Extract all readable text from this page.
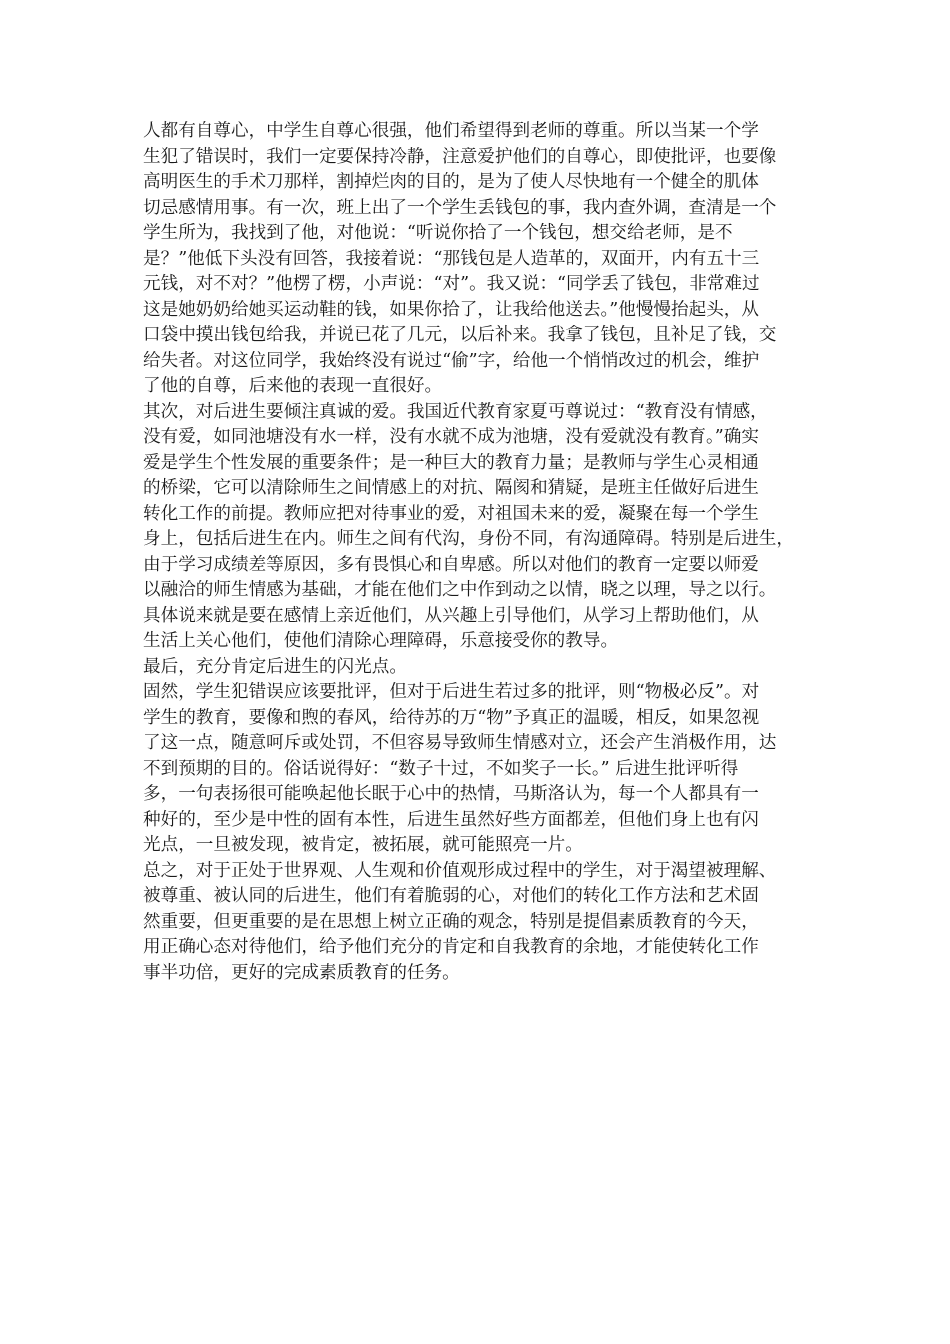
人都有自尊心，中学生自尊心很强，他们希望得到老师的尊重。所以当某一个学
生犯了错误时，我们一定要保持冷静，注意爱护他们的自尊心，即使批评，也要像
高明医生的手术刀那样，割掉烂肉的目的，是为了使人尽快地有一个健全的肌体
切忌感情用事。有一次，班上出了一个学生丢钱包的事，我内查外调，查清是一个
学生所为，我找到了他，对他说：“听说你拾了一个钱包，想交给老师，是不
是？”他低下头没有回答，我接着说：“那钱包是人造革的，双面开，内有五十三
元钱，对不对？”他楞了楞，小声说：“对”。我又说：“同学丢了钱包，非常难过
这是她奶奶给她买运动鞋的钱，如果你拾了，让我给他送去。”他慢慢抬起头，从
口袋中摸出钱包给我，并说已花了几元，以后补来。我拿了钱包，且补足了钱，交
给失者。对这位同学，我始终没有说过“偷”字，给他一个悄悄改过的机会，维护
了他的自尊，后来他的表现一直很好。
其次，对后进生要倾注真诚的爱。我国近代教育家夏丏尊说过：“教育没有情感，
没有爱，如同池塘没有水一样，没有水就不成为池塘，没有爱就没有教育。”确实
爱是学生个性发展的重要条件；是一种巨大的教育力量；是教师与学生心灵相通
的桥梁，它可以清除师生之间情感上的对抗、隔阂和猜疑，是班主任做好后进生
转化工作的前提。教师应把对待事业的爱，对祖国未来的爱，凝聚在每一个学生
身上，包括后进生在内。师生之间有代沟，身份不同，有沟通障碍。特别是后进生，
由于学习成绩差等原因，多有畏惧心和自卑感。所以对他们的教育一定要以师爱
以融洽的师生情感为基础，才能在他们之中作到动之以情，晓之以理，导之以行。
具体说来就是要在感情上亲近他们，从兴趣上引导他们，从学习上帮助他们，从
生活上关心他们，使他们清除心理障碍，乐意接受你的教导。
最后，充分肯定后进生的闪光点。
固然，学生犯错误应该要批评，但对于后进生若过多的批评，则“物极必反”。对
学生的教育，要像和煦的春风，给待苏的万“物”予真正的温暖，相反，如果忽视
了这一点，随意呵斥或处罚，不但容易导致师生情感对立，还会产生消极作用，达
不到预期的目的。俗话说得好：“数子十过，不如奖子一长。” 后进生批评听得
多，一句表扬很可能唤起他长眠于心中的热情，马斯洛认为，每一个人都具有一
种好的，至少是中性的固有本性，后进生虽然好些方面都差，但他们身上也有闪
光点，一旦被发现，被肯定，被拓展，就可能照亮一片。
总之，对于正处于世界观、人生观和价值观形成过程中的学生，对于渴望被理解、
被尊重、被认同的后进生，他们有着脆弱的心，对他们的转化工作方法和艺术固
然重要，但更重要的是在思想上树立正确的观念，特别是提倡素质教育的今天，
用正确心态对待他们，给予他们充分的肯定和自我教育的余地，才能使转化工作
事半功倍，更好的完成素质教育的任务。
